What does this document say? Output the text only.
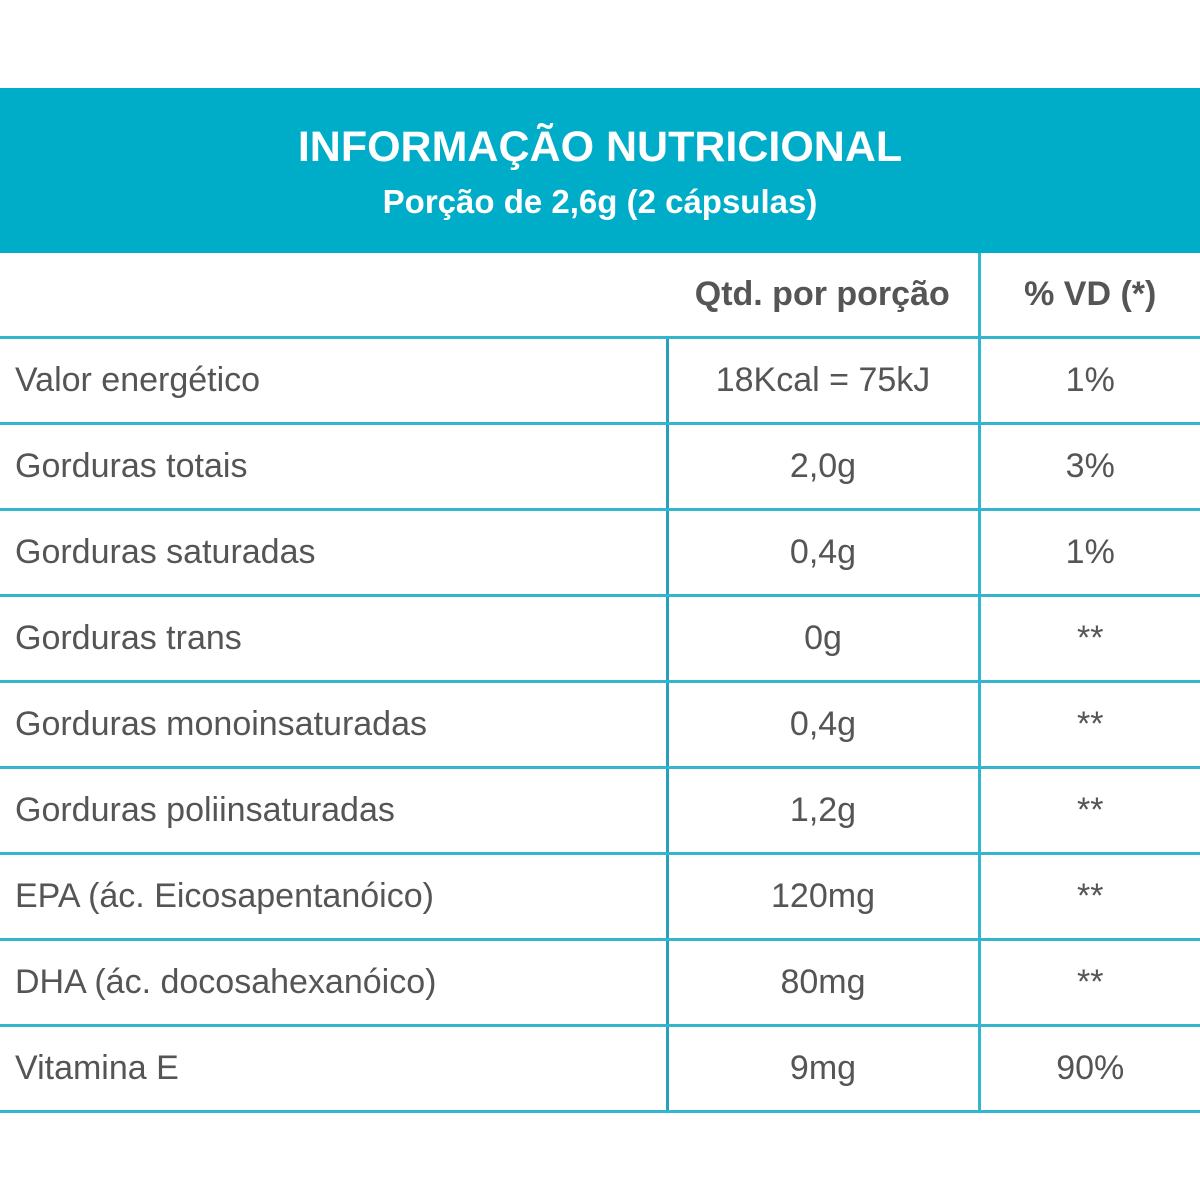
INFORMAÇÃO NUTRICIONAL
Porção de 2,6g (2 cápsulas)
	Qtd. por porção	% VD (*)
Valor energético	18Kcal = 75kJ	1%
Gorduras totais	2,0g	3%
Gorduras saturadas	0,4g	1%
Gorduras trans	0g	**
Gorduras monoinsaturadas	0,4g	**
Gorduras poliinsaturadas	1,2g	**
EPA (ác. Eicosapentanóico)	120mg	**
DHA (ác. docosahexanóico)	80mg	**
Vitamina E	9mg	90%
